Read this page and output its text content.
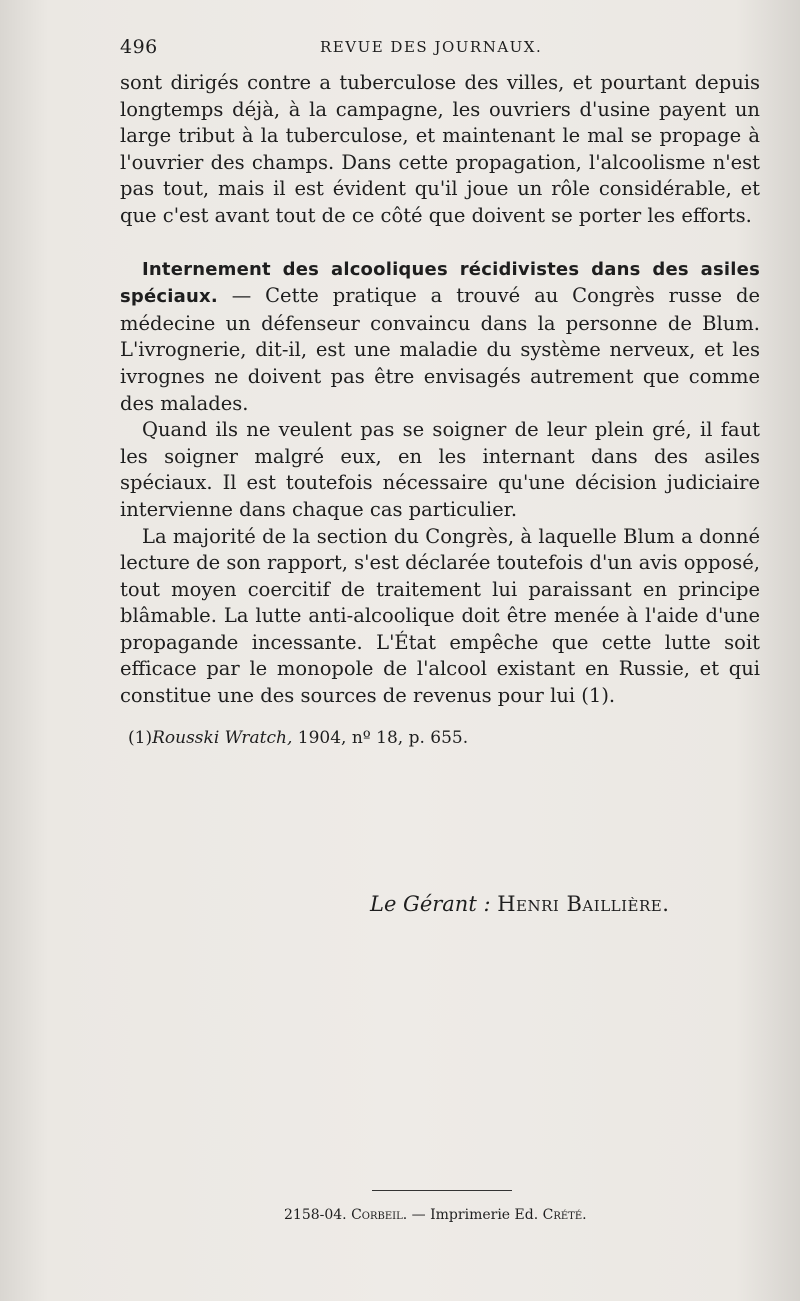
496	REVUE DES JOURNAUX.

sont dirigés contre a tuberculose des villes, et pourtant depuis longtemps déjà, à la campagne, les ouvriers d'usine payent un large tribut à la tuberculose, et maintenant le mal se propage à l'ouvrier des champs. Dans cette propagation, l'alcoolisme n'est pas tout, mais il est évident qu'il joue un rôle considérable, et que c'est avant tout de ce côté que doivent se porter les efforts.

Internement des alcooliques récidivistes dans des asiles spéciaux. — Cette pratique a trouvé au Congrès russe de médecine un défenseur convaincu dans la personne de Blum. L'ivrognerie, dit-il, est une maladie du système nerveux, et les ivrognes ne doivent pas être envisagés autrement que comme des malades.

Quand ils ne veulent pas se soigner de leur plein gré, il faut les soigner malgré eux, en les internant dans des asiles spéciaux. Il est toutefois nécessaire qu'une décision judiciaire intervienne dans chaque cas particulier.

La majorité de la section du Congrès, à laquelle Blum a donné lecture de son rapport, s'est déclarée toutefois d'un avis opposé, tout moyen coercitif de traitement lui paraissant en principe blâmable. La lutte anti-alcoolique doit être menée à l'aide d'une propagande incessante. L'État empêche que cette lutte soit efficace par le monopole de l'alcool existant en Russie, et qui constitue une des sources de revenus pour lui (1).

(1)Rousski Wratch, 1904, nº 18, p. 655.
Le Gérant : Henri Baillière.
2158-04. Corbeil. — Imprimerie Ed. Crété.
